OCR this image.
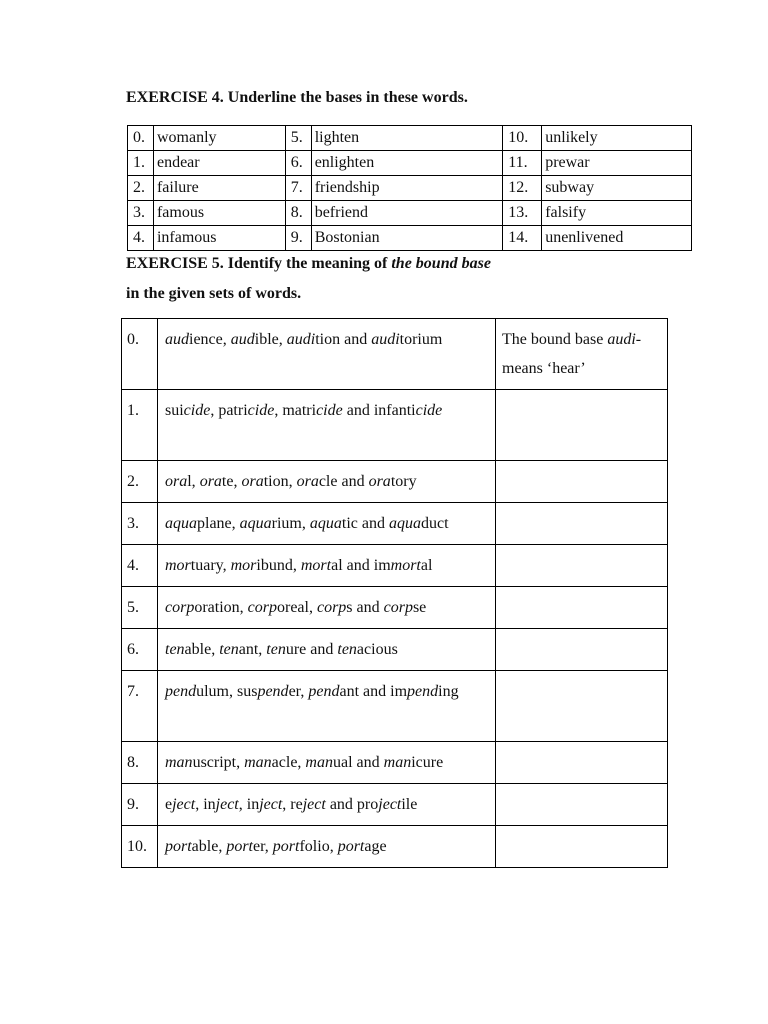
EXERCISE 4. Underline the bases in these words.
0.	womanly	5.	lighten	10.	unlikely
1.	endear	6.	enlighten	11.	prewar
2.	failure	7.	friendship	12.	subway
3.	famous	8.	befriend	13.	falsify
4.	infamous	9.	Bostonian	14.	unenlivened
EXERCISE 5. Identify the meaning of the bound base
in the given sets of words.
0.	audience, audible, audition and auditorium	The bound base audi- means ‘hear’
1.	suicide, patricide, matricide and infanticide	
2.	oral, orate, oration, oracle and oratory	
3.	aquaplane, aquarium, aquatic and aquaduct	
4.	mortuary, moribund, mortal and immortal	
5.	corporation, corporeal, corps and corpse	
6.	tenable, tenant, tenure and tenacious	
7.	pendulum, suspender, pendant and impending	
8.	manuscript, manacle, manual and manicure	
9.	eject, inject, inject, reject and projectile	
10.	portable, porter, portfolio, portage	
